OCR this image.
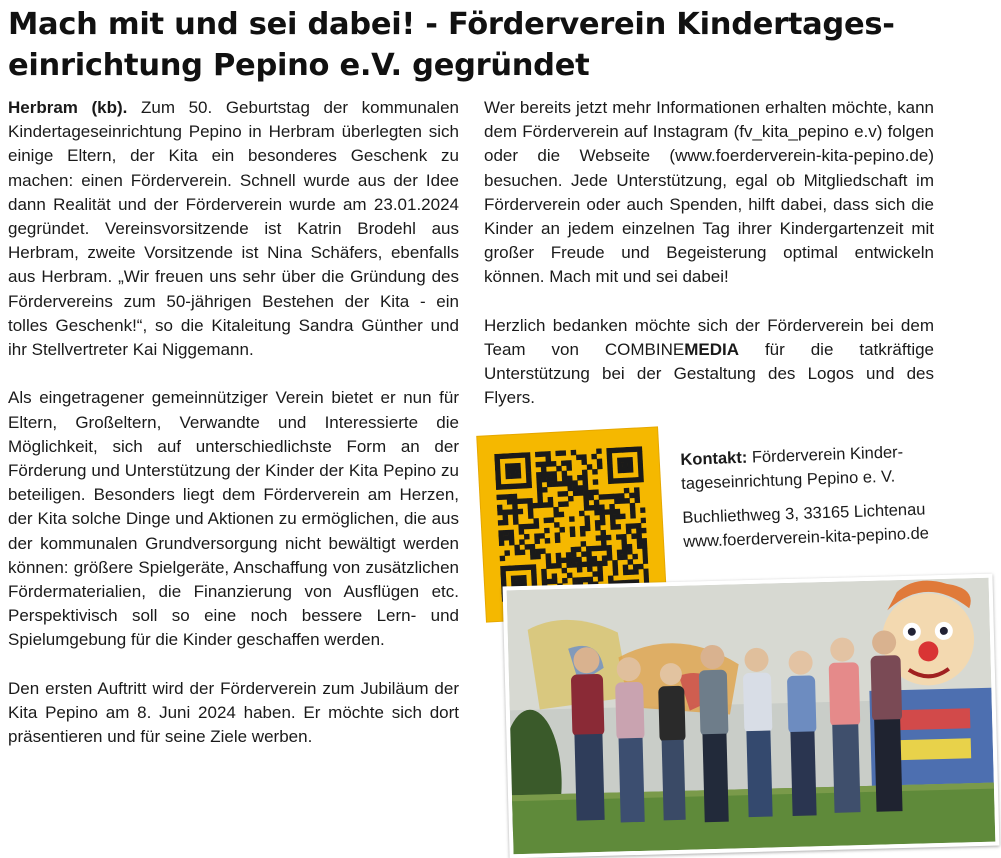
Mach mit und sei dabei! - Förderverein Kindertages-
einrichtung Pepino e.V. gegründet

Herbram (kb). Zum 50. Geburtstag der kommunalen Kindertageseinrichtung Pepino in Herbram überlegten sich einige Eltern, der Kita ein besonderes Geschenk zu machen: einen Förderverein. Schnell wurde aus der Idee dann Realität und der Förderverein wurde am 23.01.2024 gegründet. Vereinsvorsitzende ist Katrin Brodehl aus Herbram, zweite Vorsitzende ist Nina Schäfers, ebenfalls aus Herbram. „Wir freuen uns sehr über die Gründung des Fördervereins zum 50-jährigen Bestehen der Kita - ein tolles Geschenk!“, so die Kitaleitung Sandra Günther und ihr Stellvertreter Kai Niggemann.

Als eingetragener gemeinnütziger Verein bietet er nun für Eltern, Großeltern, Verwandte und Interessierte die Möglichkeit, sich auf unterschiedlichste Form an der Förderung und Unterstützung der Kinder der Kita Pepino zu beteiligen. Besonders liegt dem Förderverein am Herzen, der Kita solche Dinge und Aktionen zu ermöglichen, die aus der kommunalen Grundversorgung nicht bewältigt werden können: größere Spielgeräte, Anschaffung von zusätzlichen Fördermaterialien, die Finanzierung von Ausflügen etc. Perspektivisch soll so eine noch bessere Lern- und Spielumgebung für die Kinder geschaffen werden.

Den ersten Auftritt wird der Förderverein zum Jubiläum der Kita Pepino am 8. Juni 2024 haben. Er möchte sich dort präsentieren und für seine Ziele werben.

Wer bereits jetzt mehr Informationen erhalten möchte, kann dem Förderverein auf Instagram (fv_kita_pepino e.v) folgen oder die Webseite (www.foerderverein-kita-pepino.de) besuchen. Jede Unterstützung, egal ob Mitgliedschaft im Förderverein oder auch Spenden, hilft dabei, dass sich die Kinder an jedem einzelnen Tag ihrer Kindergartenzeit mit großer Freude und Begeisterung optimal entwickeln können. Mach mit und sei dabei!

Herzlich bedanken möchte sich der Förderverein bei dem Team von COMBINEMEDIA für die tatkräftige Unterstützung bei der Gestaltung des Logos und des Flyers.

Kontakt: Förderverein Kinder-
tageseinrichtung Pepino e. V.
Buchliethweg 3, 33165 Lichtenau
www.foerderverein-kita-pepino.de
